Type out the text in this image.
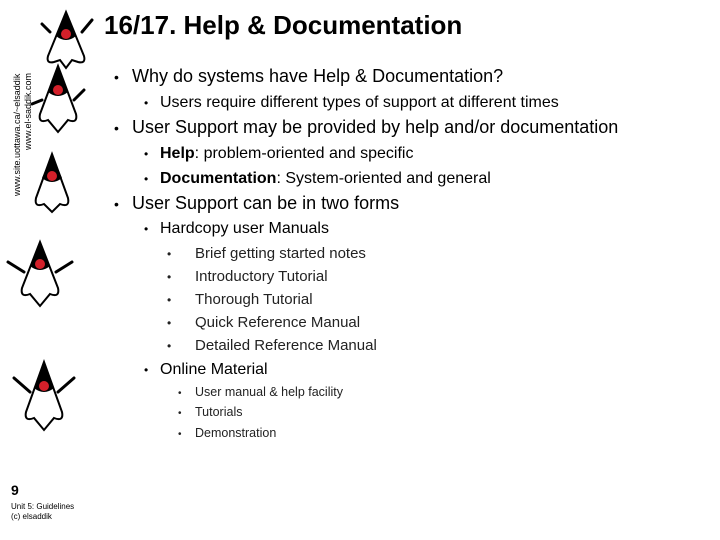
www.site.uottawa.ca/~elsaddik www.el-saddik.com
16/17. Help & Documentation
• Why do systems have Help & Documentation?
• Users require different types of support at different times
• User Support may be provided by help and/or documentation
• Help: problem-oriented and specific
• Documentation: System-oriented and general
• User Support can be in two forms
• Hardcopy user Manuals
• Brief getting started notes
• Introductory Tutorial
• Thorough Tutorial
• Quick Reference Manual
• Detailed Reference Manual
• Online Material
• User manual & help facility
• Tutorials
• Demonstration
9
Unit 5: Guidelines
(c) elsaddik
